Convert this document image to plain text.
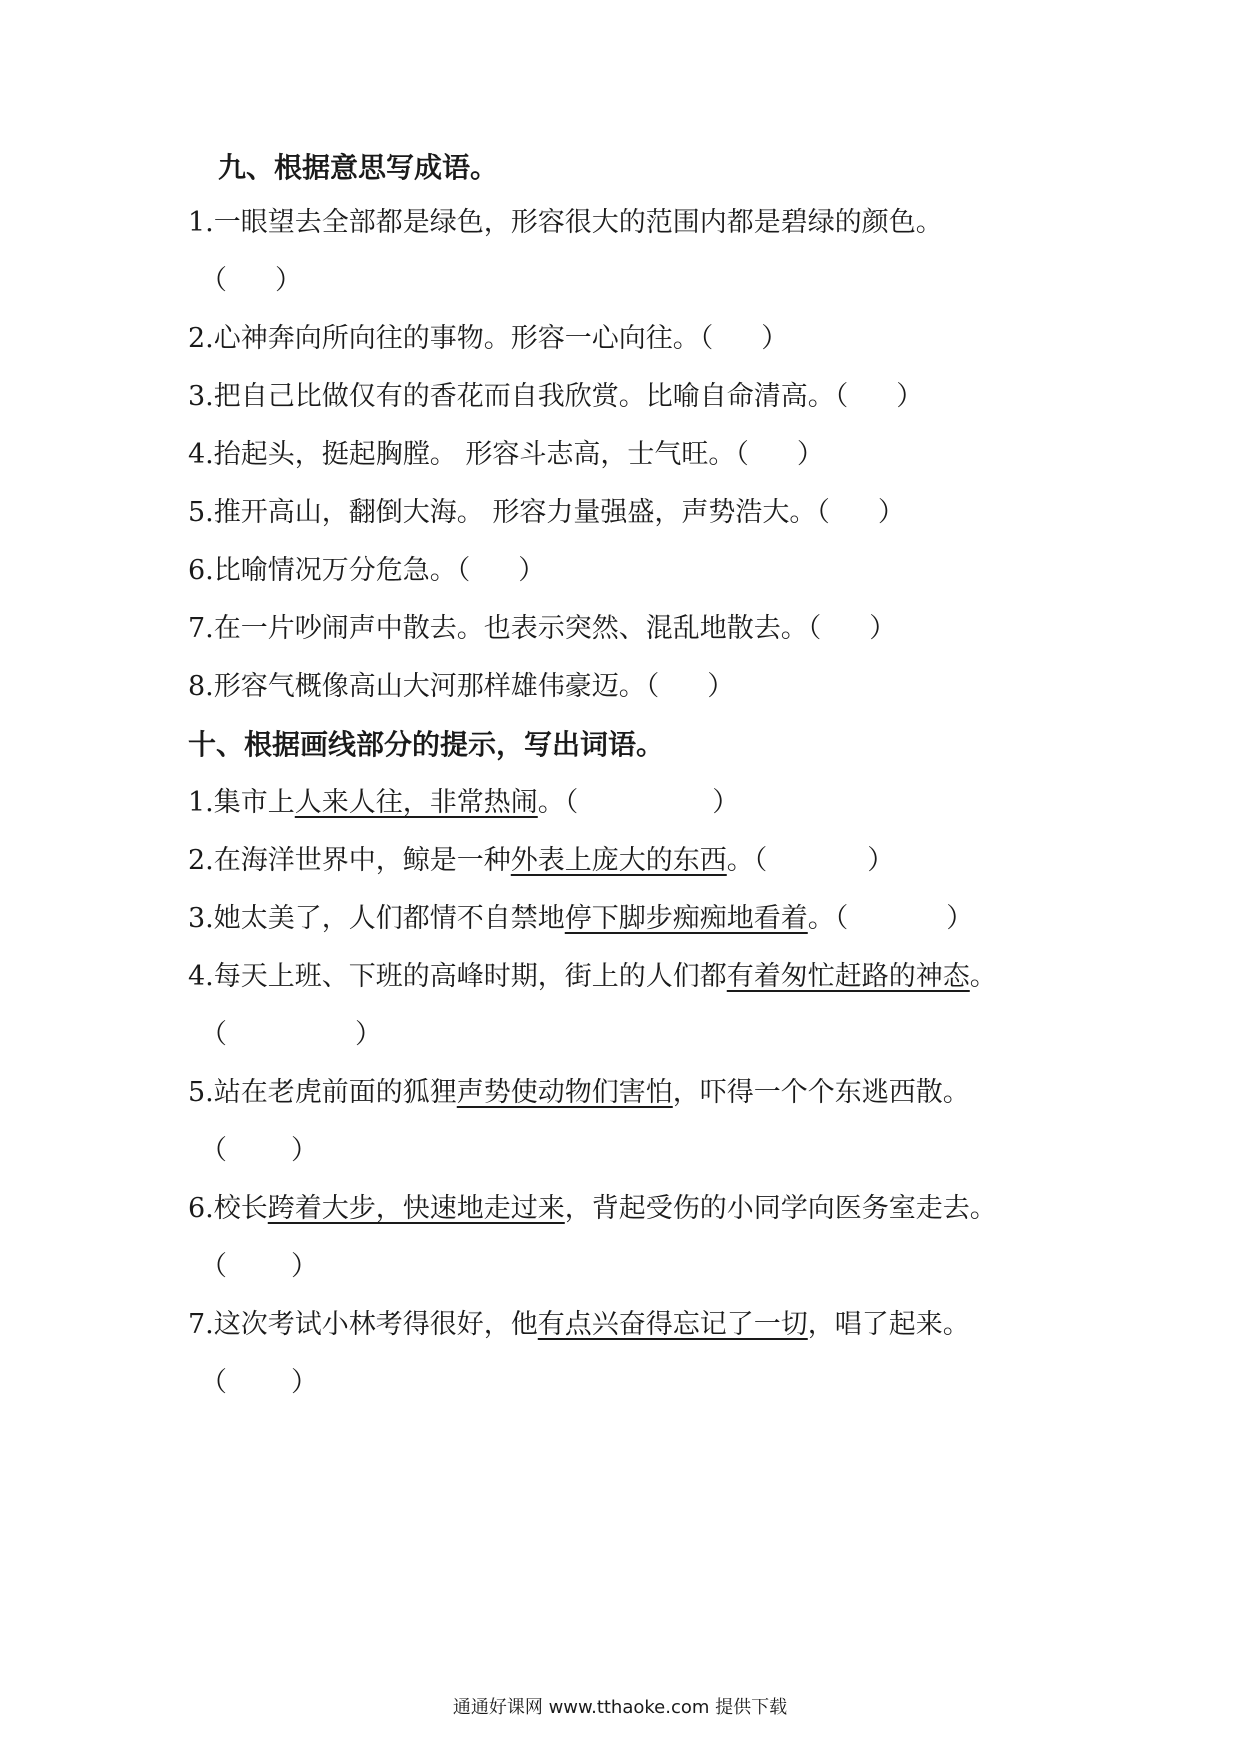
九、根据意思写成语。
1.一眼望去全部都是绿色，形容很大的范围内都是碧绿的颜色。
（ ）
2.心神奔向所向往的事物。形容一心向往。（ ）
3.把自己比做仅有的香花而自我欣赏。比喻自命清高。（ ）
4.抬起头，挺起胸膛。 形容斗志高，士气旺。（ ）
5.推开高山，翻倒大海。 形容力量强盛，声势浩大。（ ）
6.比喻情况万分危急。（ ）
7.在一片吵闹声中散去。也表示突然、混乱地散去。（ ）
8.形容气概像高山大河那样雄伟豪迈。（ ）
十、根据画线部分的提示，写出词语。
1.集市上人来人往，非常热闹。（	）
2.在海洋世界中，鲸是一种外表上庞大的东西。（	）
3.她太美了，人们都情不自禁地停下脚步痴痴地看着。（	）
4.每天上班、下班的高峰时期，街上的人们都有着匆忙赶路的神态。
（	）
5.站在老虎前面的狐狸声势使动物们害怕，吓得一个个东逃西散。
（ ）
6.校长跨着大步，快速地走过来，背起受伤的小同学向医务室走去。
（ ）
7.这次考试小林考得很好，他有点兴奋得忘记了一切，唱了起来。
（ ）
通通好课网 www.tthaoke.com 提供下载
